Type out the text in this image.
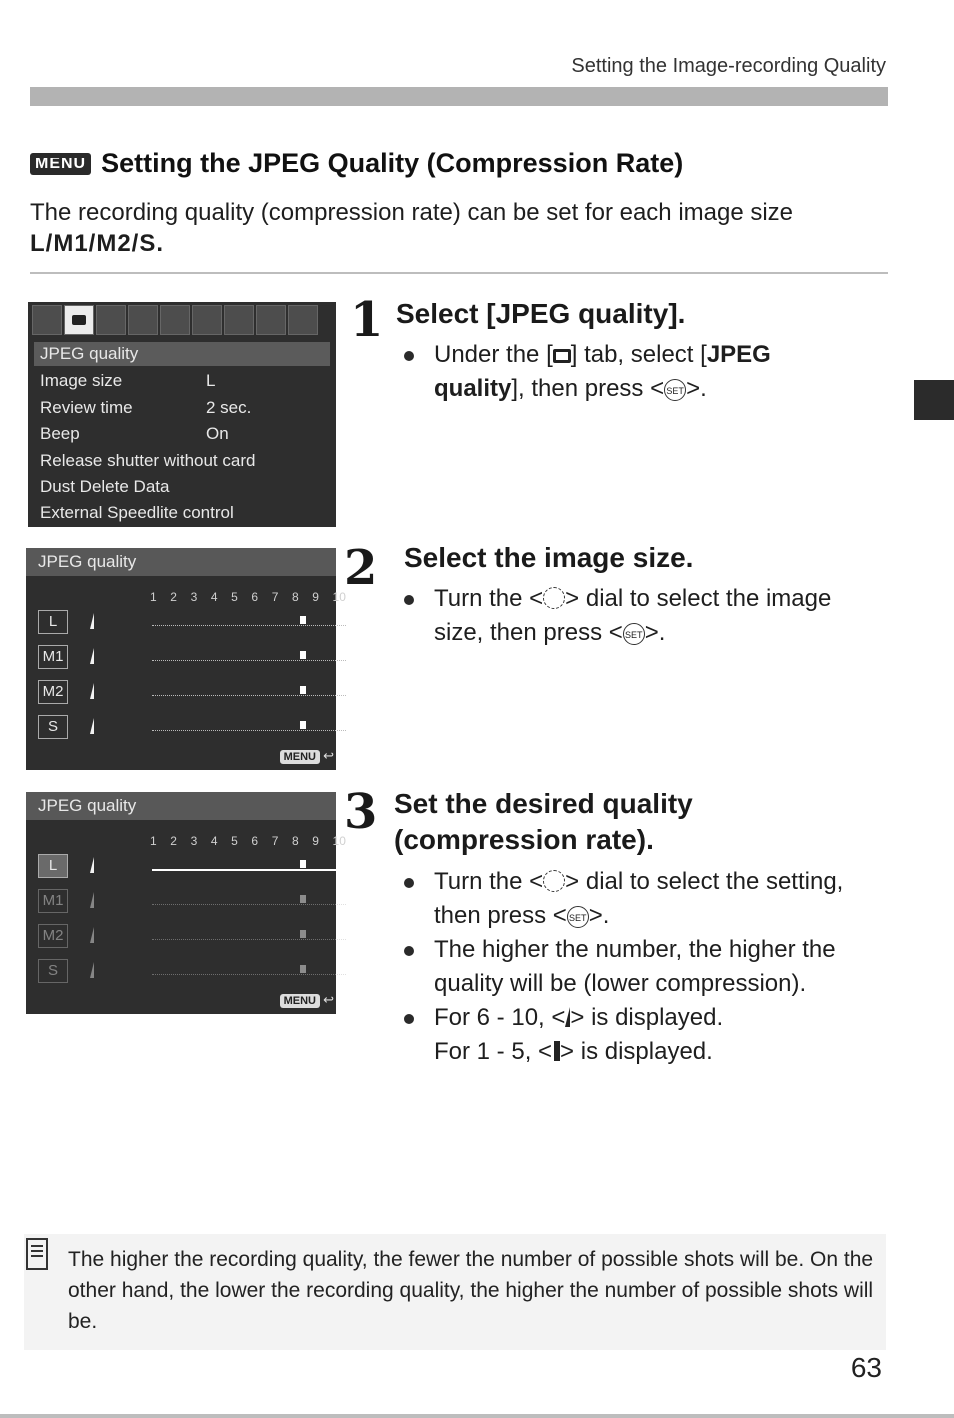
Setting the Image-recording Quality
MENU Setting the JPEG Quality (Compression Rate)
The recording quality (compression rate) can be set for each image size
L/M1/M2/S.
JPEG quality
Image size	L
Review time	2 sec.
Beep	On
Release shutter without card
Dust Delete Data
External Speedlite control
JPEG quality
1 2 3 4 5 6 7 8 9 10
L
M1
M2
S
MENU ↩
JPEG quality
1 2 3 4 5 6 7 8 9 10
L
M1
M2
S
MENU ↩
1 Select [JPEG quality].
Under the [ ] tab, select [JPEG quality], then press < SET>.
2 Select the image size.
Turn the < > dial to select the image size, then press < SET>.
3 Set the desired quality
(compression rate).
Turn the < > dial to select the setting, then press < SET>.
The higher the number, the higher the quality will be (lower compression).
For 6 - 10, < > is displayed.
For 1 - 5, < > is displayed.
The higher the recording quality, the fewer the number of possible shots will be. On the other hand, the lower the recording quality, the higher the number of possible shots will be.
63
